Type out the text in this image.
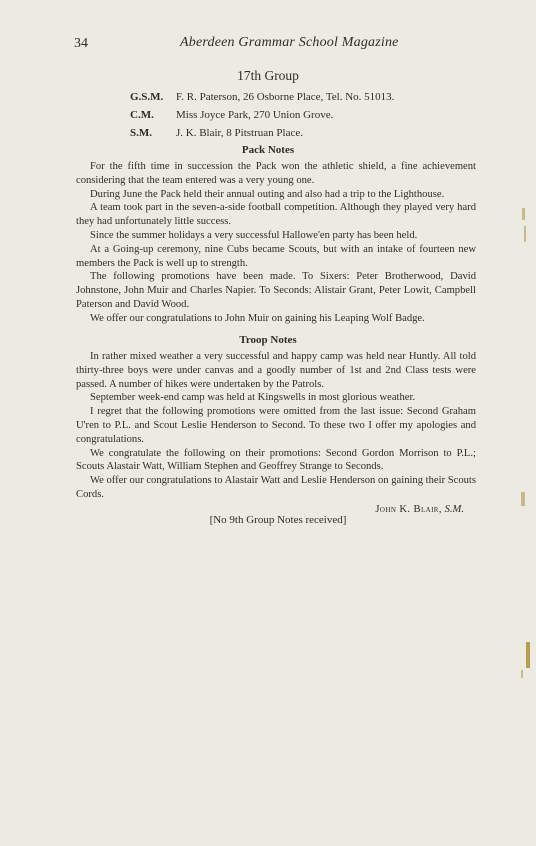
34	Aberdeen Grammar School Magazine
17th Group
G.S.M. F. R. Paterson, 26 Osborne Place, Tel. No. 51013.
C.M. Miss Joyce Park, 270 Union Grove.
S.M. J. K. Blair, 8 Pitstruan Place.
Pack Notes

For the fifth time in succession the Pack won the athletic shield, a fine achievement considering that the team entered was a very young one.

During June the Pack held their annual outing and also had a trip to the Lighthouse.

A team took part in the seven-a-side football competition. Although they played very hard they had unfortunately little success.

Since the summer holidays a very successful Hallowe'en party has been held.

At a Going-up ceremony, nine Cubs became Scouts, but with an intake of fourteen new members the Pack is well up to strength.

The following promotions have been made. To Sixers: Peter Brotherwood, David Johnstone, John Muir and Charles Napier. To Seconds: Alistair Grant, Peter Lowit, Campbell Paterson and David Wood.

We offer our congratulations to John Muir on gaining his Leaping Wolf Badge.

Troop Notes

In rather mixed weather a very successful and happy camp was held near Huntly. All told thirty-three boys were under canvas and a goodly number of 1st and 2nd Class tests were passed. A number of hikes were undertaken by the Patrols.

September week-end camp was held at Kingswells in most glorious weather.

I regret that the following promotions were omitted from the last issue: Second Graham U'ren to P.L. and Scout Leslie Henderson to Second. To these two I offer my apologies and congratulations.

We congratulate the following on their promotions: Second Gordon Morrison to P.L.; Scouts Alastair Watt, William Stephen and Geoffrey Strange to Seconds.

We offer our congratulations to Alastair Watt and Leslie Henderson on gaining their Scouts Cords.

John K. Blair, S.M.
[No 9th Group Notes received]
